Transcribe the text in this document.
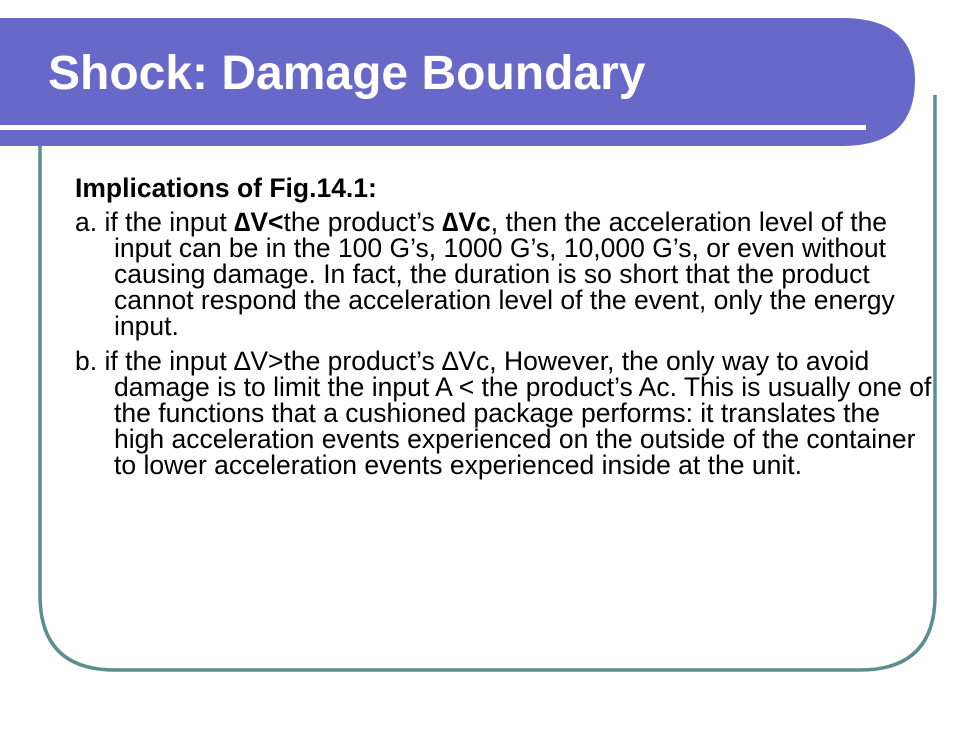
Shock: Damage Boundary
Implications of Fig.14.1:
a. if the input ∆V<the product’s ∆Vc, then the acceleration level of the input can be in the 100 G’s, 1000 G’s, 10,000 G’s, or even without causing damage. In fact, the duration is so short that the product cannot respond the acceleration level of the event, only the energy input.
b. if the input ∆V>the product’s ∆Vc, However, the only way to avoid damage is to limit the input A < the product’s Ac. This is usually one of the functions that a cushioned package performs: it translates the high acceleration events experienced on the outside of the container to lower acceleration events experienced inside at the unit.
